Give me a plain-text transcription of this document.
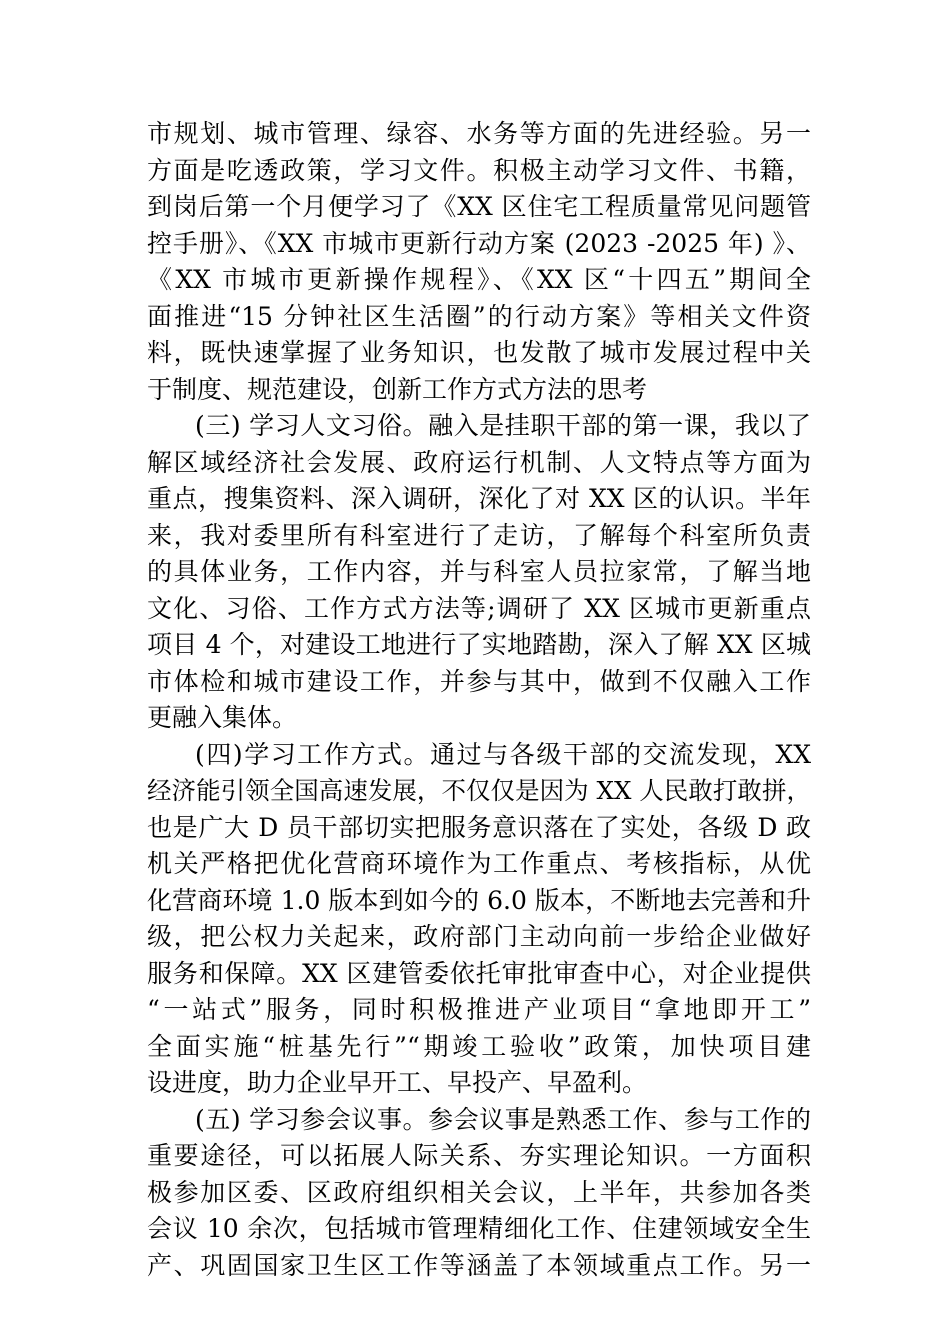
市规划、城市管理、绿容、水务等方面的先进经验。另一
方面是吃透政策，学习文件。积极主动学习文件、书籍，
到岗后第一个月便学习了《XX 区住宅工程质量常见问题管
控手册》、《XX 市城市更新行动方案 (2023 -2025 年) 》、
《XX 市城市更新操作规程》、《XX 区“十四五”期间全
面推进“15 分钟社区生活圈”的行动方案》等相关文件资
料，既快速掌握了业务知识，也发散了城市发展过程中关
于制度、规范建设，创新工作方式方法的思考
(三) 学习人文习俗。融入是挂职干部的第一课，我以了
解区域经济社会发展、政府运行机制、人文特点等方面为
重点，搜集资料、深入调研，深化了对 XX 区的认识。半年
来，我对委里所有科室进行了走访，了解每个科室所负责
的具体业务，工作内容，并与科室人员拉家常，了解当地
文化、习俗、工作方式方法等;调研了 XX 区城市更新重点
项目 4 个，对建设工地进行了实地踏勘，深入了解 XX 区城
市体检和城市建设工作，并参与其中，做到不仅融入工作
更融入集体。
(四)学习工作方式。通过与各级干部的交流发现，XX
经济能引领全国高速发展，不仅仅是因为 XX 人民敢打敢拼，
也是广大 D 员干部切实把服务意识落在了实处，各级 D 政
机关严格把优化营商环境作为工作重点、考核指标，从优
化营商环境 1.0 版本到如今的 6.0 版本，不断地去完善和升
级，把公权力关起来，政府部门主动向前一步给企业做好
服务和保障。XX 区建管委依托审批审查中心，对企业提供
“一站式”服务，同时积极推进产业项目“拿地即开工”
全面实施“桩基先行”“期竣工验收”政策，加快项目建
设进度，助力企业早开工、早投产、早盈利。
(五) 学习参会议事。参会议事是熟悉工作、参与工作的
重要途径，可以拓展人际关系、夯实理论知识。一方面积
极参加区委、区政府组织相关会议，上半年，共参加各类
会议 10 余次，包括城市管理精细化工作、住建领域安全生
产、巩固国家卫生区工作等涵盖了本领域重点工作。另一
